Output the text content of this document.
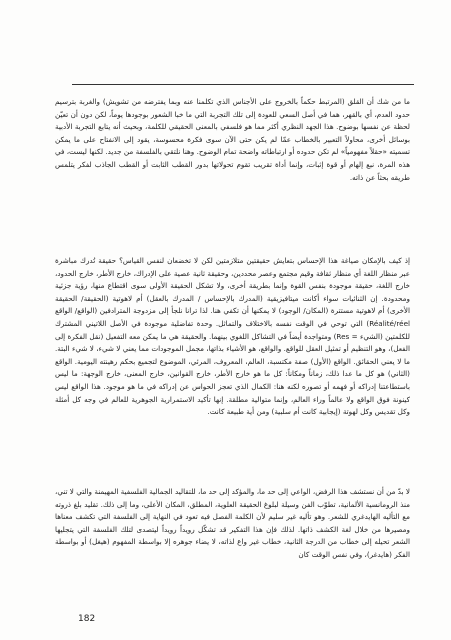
ما من شك أن القلق (المرتبط حكماً بالخروج على الأجناس الذي تكلمنا عنه وبما يفترضه من تشويش) والغربة بترسيم حدود العدم، أي بالقهر، هما في أصل السعي للعودة إلى تلك التجربة التي ما خبا الشعور بوجودها يوماً، لكن دون أن تعيّن لحظة عن نفسها بوضوح. هذا الجهد النظري أكثر مما هو فلسفي بالمعنى الحقيقي للكلمة، وبحيث أنه يتابع التجربة الأدبية بوسائل أخرى، محاولاً التعبير بالخطاب عمّا لم يكن حتى الآن سوى فكرة محسوسة، يقود إلى الانفتاح على ما يمكن تسميته «حقلاً مفهومياً» لم تكن حدوده أو ارتباطاته واضحة تمام الوضوح. وهنا نلتقي بالفلسفة من جديد. لكنها ليست، في هذه المرة، نبع إلهام أو قوة إثبات، وإنما أداة تقريب تقوم تحولاتها بدور القطب الثابت أو القطب الجاذب لفكر يتلمس طريقه بحثاً عن ذاته.

إذ كيف بالإمكان صياغة هذا الإحساس بتعايش حقيقتين متلازمتين لكن لا تخضعان لنفس القياس؟ حقيقة تُدرك مباشرة عبر منظار اللغة أي منظار ثقافة وقيم مجتمع وعصر محددين، وحقيقة ثانية عصية على الإدراك، خارج الأطر، خارج الحدود، خارج اللغة، حقيقة موجودة بنفس القوة وإنما بطريقة أخرى، ولا تشكل الحقيقة الأولى سوى اقتطاع منها، رؤية جزئية ومحدودة. إن الثنائيات سواء أكانت ميتافيزيقية (المدرك بالإحساس / المدرك بالعقل) أم لاهوتية (الحقيقة/ الحقيقة الأخرى) أم لاهوتية مستترة (المكان/ الوجود) لا يمكنها أن تكفي هنا. لذا ترانا نلجأ إلى مزدوجة المترادفين (الواقع/ الواقع Réalité/réel) التي توحي في الوقت نفسه بالاختلاف والتماثل. وحدة تفاضلية موجودة في الأصل اللاتيني المشترك للكلمتين (الشيء = Res) ومتواجدة أيضاً في التشاكل اللغوي بينهما. والحقيقة هي ما يمكن معه التفعيل (نقل الفكرة إلى الفعل)، وهو التنظيم أو تمثيل العقل للواقع. والواقع، هو الأشياء بذاتها، مجمل الموجودات مما يعني لا شيء، لا شيء البتة. ما لا يعني الحقائق. الواقع (الأول) صفة مكتسبة، العالم، المعروف، المرئي، الموضوع لتجميع بحكم رهينته اليومية. الواقع (الثاني) هو كل ما عدا ذلك، زماناً ومكاناً: كل ما هو خارج الأطر، خارج القوانين، خارج المعنى، خارج الوجهة: ما ليس باستطاعتنا إدراكه أو فهمه أو تصوره لكنه هنا: الكمال الذي تعجز الحواس عن إدراكه في ما هو موجود. هذا الواقع ليس كينونة فوق الواقع ولا عالماً وراء العالم، وإنما متوالية مطلقة. إنها تأكيد الاستمرارية الجوهرية للعالم في وجه كل أمثلة وكل تقديس وكل لهوتة (إيجابية كانت أم سلبية) ومن أية طبيعة كانت.

لا بدّ من أن نستشف هذا الرفض، الواعي إلى حد ما، والمؤكد إلى حد ما، للتقاليد الجمالية الفلسفية المهيمنة والتي لا تني، منذ الرومانسية الألمانية، تطوّب الفن وسيلة لبلوغ الحقيقة العلوية، المطلق، المكان الأعلى، وما إلى ذلك. تقليد بلغ ذروته مع التأليه الهايدغري للشعر. وهو تأليه غير سليم لأن الكلمة الفصل فيه تعود في النهاية إلى الفلسفة التي تكشف معناها ومصيرها من خلال لغة الكشف ذاتها. لذلك فإن هذا التفكير قد تشكّل رويداً رويداً ليتصدى لتلك الفلسفة التي يتجليها الشعر تحيله إلى خطاب من الدرجة الثانية، خطاب غير واع لذاته، لا يضاء جوهره إلا بواسطة المفهوم (هيغل) أو بواسطة الفكر (هايدغر)، وفي نفس الوقت كان

182
